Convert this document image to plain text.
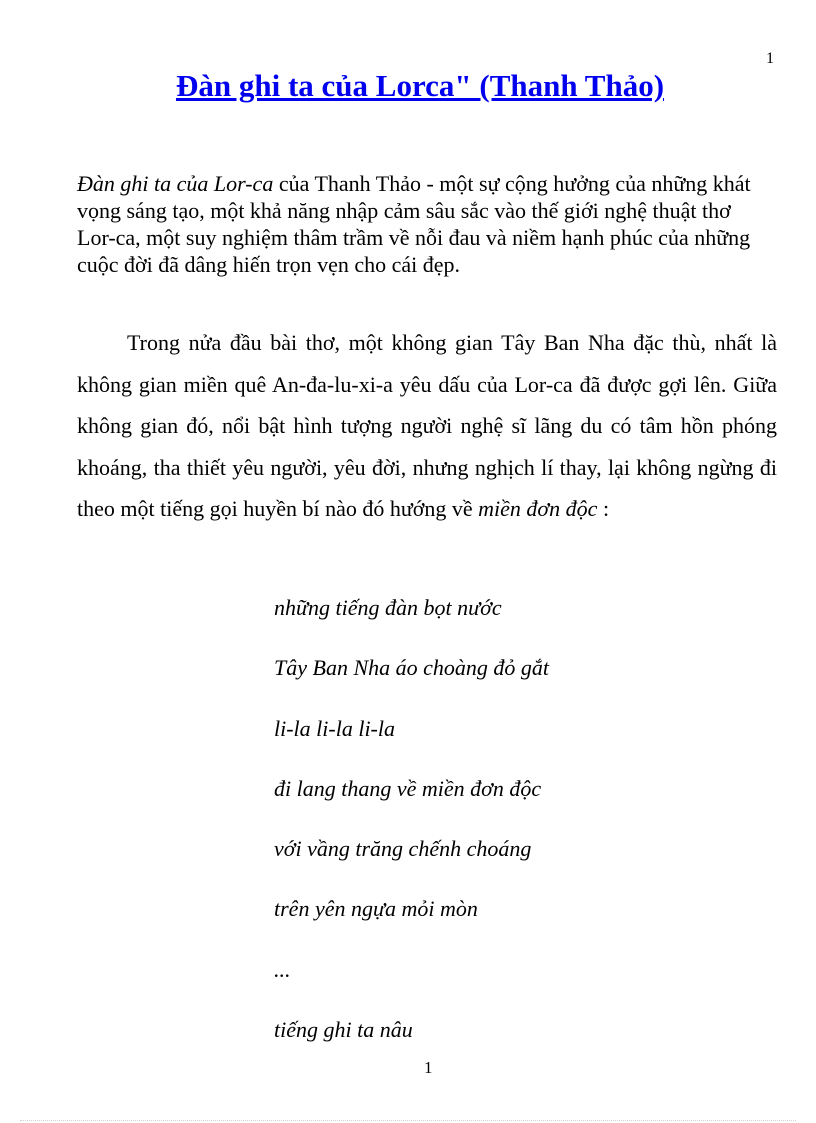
1
Đàn ghi ta của Lorca" (Thanh Thảo)

Đàn ghi ta của Lor-ca của Thanh Thảo - một sự cộng hưởng của những khát vọng sáng tạo, một khả năng nhập cảm sâu sắc vào thế giới nghệ thuật thơ Lor-ca, một suy nghiệm thâm trầm về nỗi đau và niềm hạnh phúc của những cuộc đời đã dâng hiến trọn vẹn cho cái đẹp.

Trong nửa đầu bài thơ, một không gian Tây Ban Nha đặc thù, nhất là không gian miền quê An-đa-lu-xi-a yêu dấu của Lor-ca đã được gợi lên. Giữa không gian đó, nổi bật hình tượng người nghệ sĩ lãng du có tâm hồn phóng khoáng, tha thiết yêu người, yêu đời, nhưng nghịch lí thay, lại không ngừng đi theo một tiếng gọi huyền bí nào đó hướng về miền đơn độc :

những tiếng đàn bọt nước
Tây Ban Nha áo choàng đỏ gắt
li-la li-la li-la
đi lang thang về miền đơn độc
với vầng trăng chếnh choáng
trên yên ngựa mỏi mòn
...
tiếng ghi ta nâu
1
